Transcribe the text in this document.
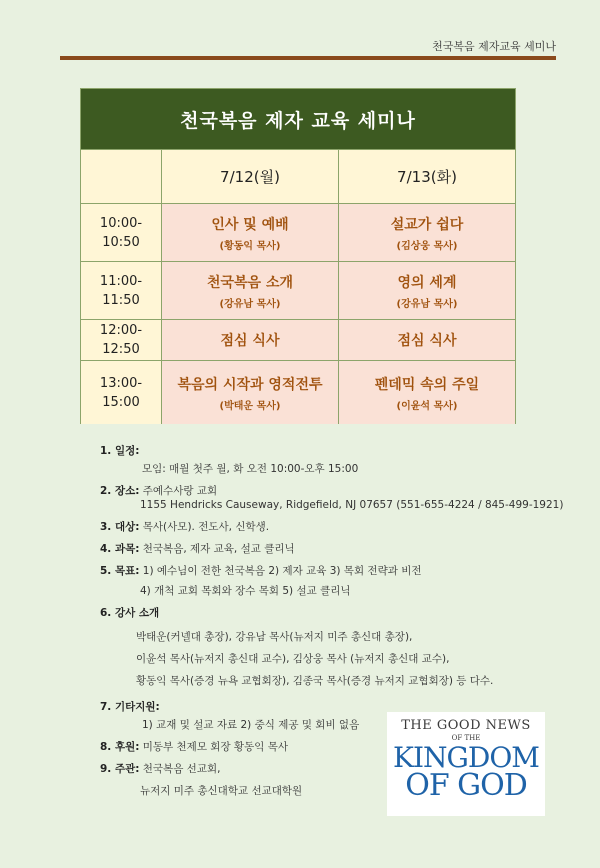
천국복음 제자교육 세미나
천국복음 제자 교육 세미나
7/12(월)	7/13(화)
10:00-
10:50
인사 및 예배
(황동익 목사)
설교가 쉽다
(김상웅 목사)
11:00-
11:50
천국복음 소개
(강유남 목사)
영의 세계
(강유남 목사)
12:00-
12:50
점심 식사	점심 식사
13:00-
15:00
복음의 시작과 영적전투
(박태운 목사)
펜데믹 속의 주일
(이윤석 목사)
1. 일정:
모임: 매월 첫주 월, 화 오전 10:00-오후 15:00
2. 장소: 주예수사랑 교회
1155 Hendricks Causeway, Ridgefield, NJ 07657 (551-655-4224 / 845-499-1921)
3. 대상: 목사(사모). 전도사, 신학생.
4. 과목: 천국복음, 제자 교육, 설교 클리닉
5. 목표: 1) 예수님이 전한 천국복음 2) 제자 교육 3) 목회 전략과 비전
4) 개척 교회 목회와 장수 목회 5) 설교 클리닉
6. 강사 소개
박태운(커넬대 총장), 강유남 목사(뉴저지 미주 총신대 총장),
이윤석 목사(뉴저지 총신대 교수), 김상웅 목사 (뉴저지 총신대 교수),
황동익 목사(증경 뉴욕 교협회장), 김종국 목사(증경 뉴저지 교협회장) 등 다수.
7. 기타지원:
1) 교재 및 설교 자료 2) 중식 제공 및 회비 없음
8. 후원: 미동부 천제모 회장 황동익 목사
9. 주관: 천국복음 선교회,
뉴저지 미주 총신대학교 선교대학원
THE GOOD NEWS
OF THE
KINGDOM
OF GOD
